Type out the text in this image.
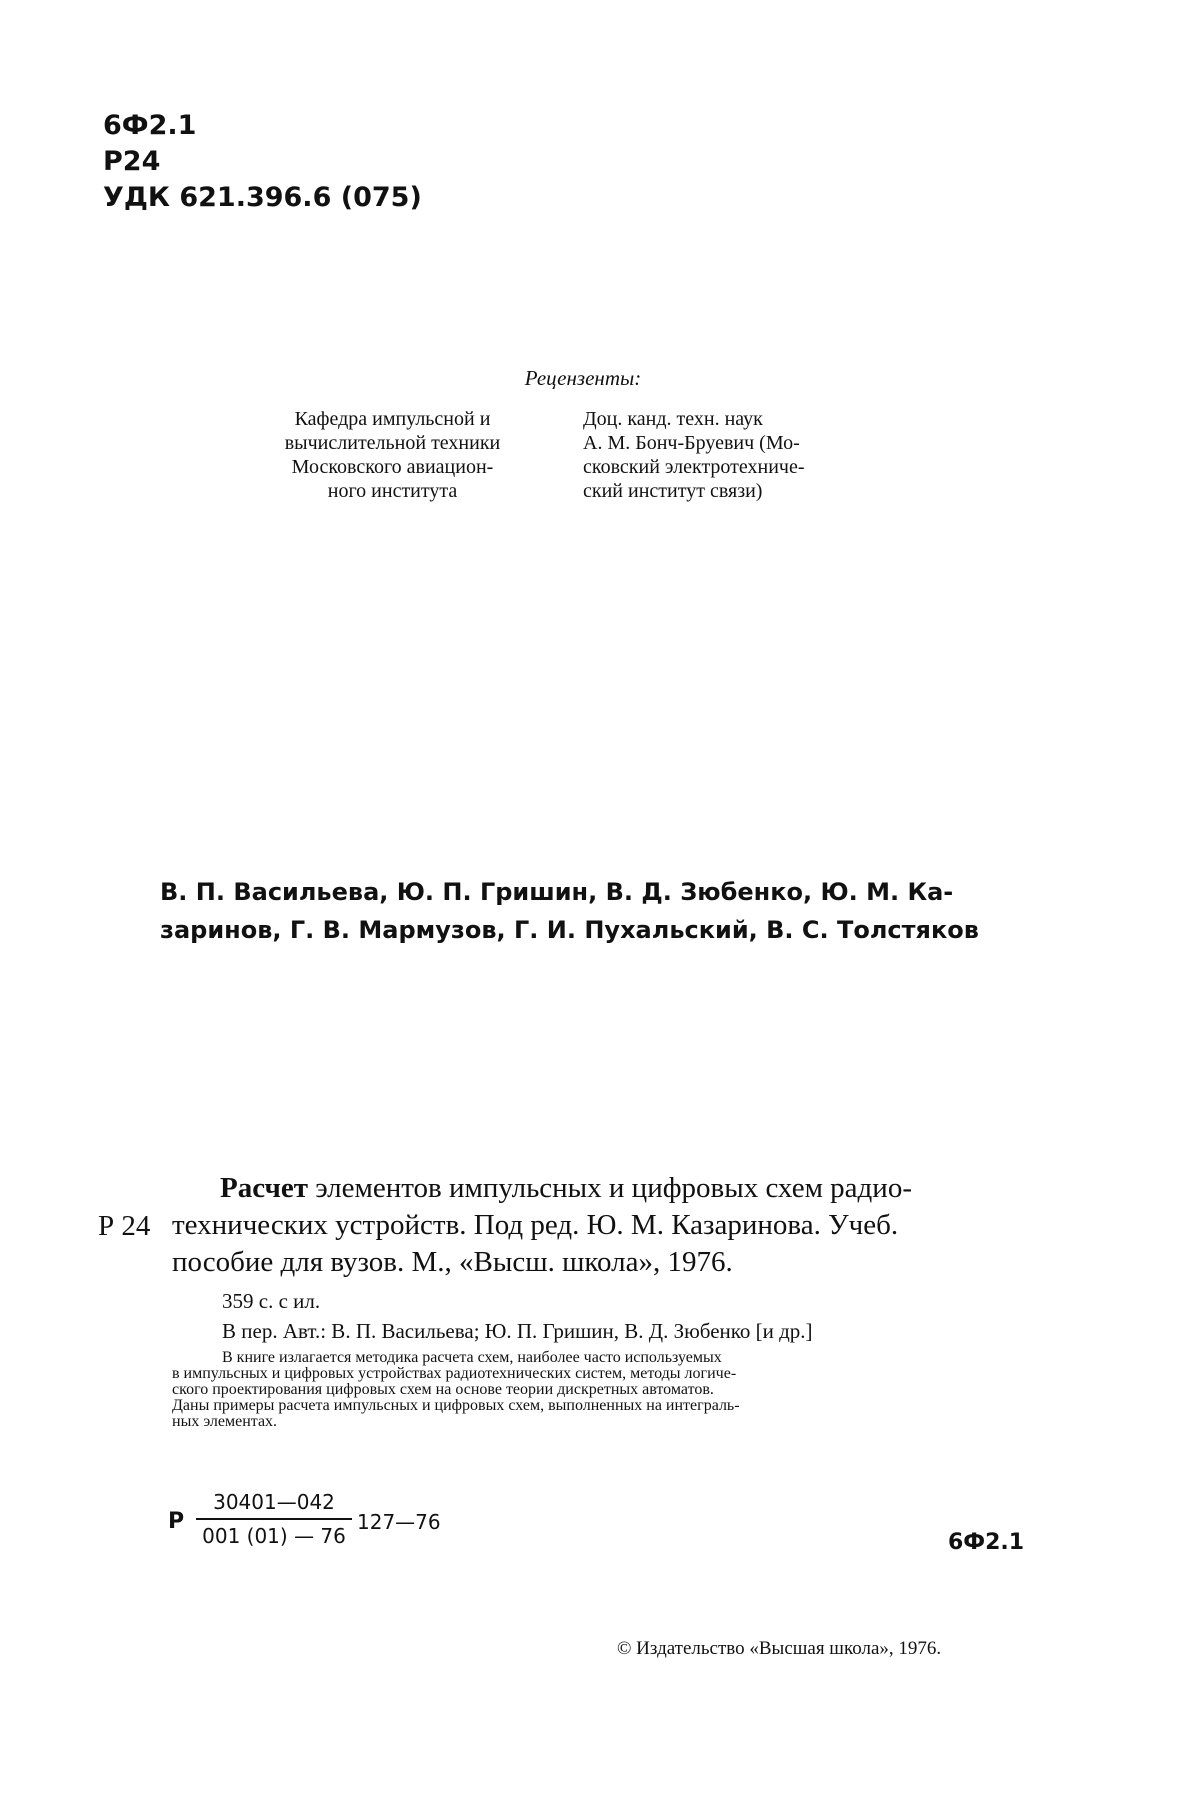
6Ф2.1
Р24
УДК 621.396.6 (075)
Рецензенты:
Кафедра импульсной и
вычислительной техники
Московского авиацион-
ного института
Доц. канд. техн. наук
А. М. Бонч-Бруевич (Мо-
сковский электротехниче-
ский институт связи)
В. П. Васильева, Ю. П. Гришин, В. Д. Зюбенко, Ю. М. Ка-
заринов, Г. В. Мармузов, Г. И. Пухальский, В. С. Толстяков
Р 24
Расчет элементов импульсных и цифровых схем радио-
технических устройств. Под ред. Ю. М. Казаринова. Учеб.
пособие для вузов. М., «Высш. школа», 1976.
359 с. с ил.
В пер. Авт.: В. П. Васильева; Ю. П. Гришин, В. Д. Зюбенко [и др.]
В книге излагается методика расчета схем, наиболее часто используемых
в импульсных и цифровых устройствах радиотехнических систем, методы логиче-
ского проектирования цифровых схем на основе теории дискретных автоматов.
Даны примеры расчета импульсных и цифровых схем, выполненных на интеграль-
ных элементах.
Р $\frac{30401—042}{001 (01) — 76}$ 127—76
6Ф2.1
© Издательство «Высшая школа», 1976.
